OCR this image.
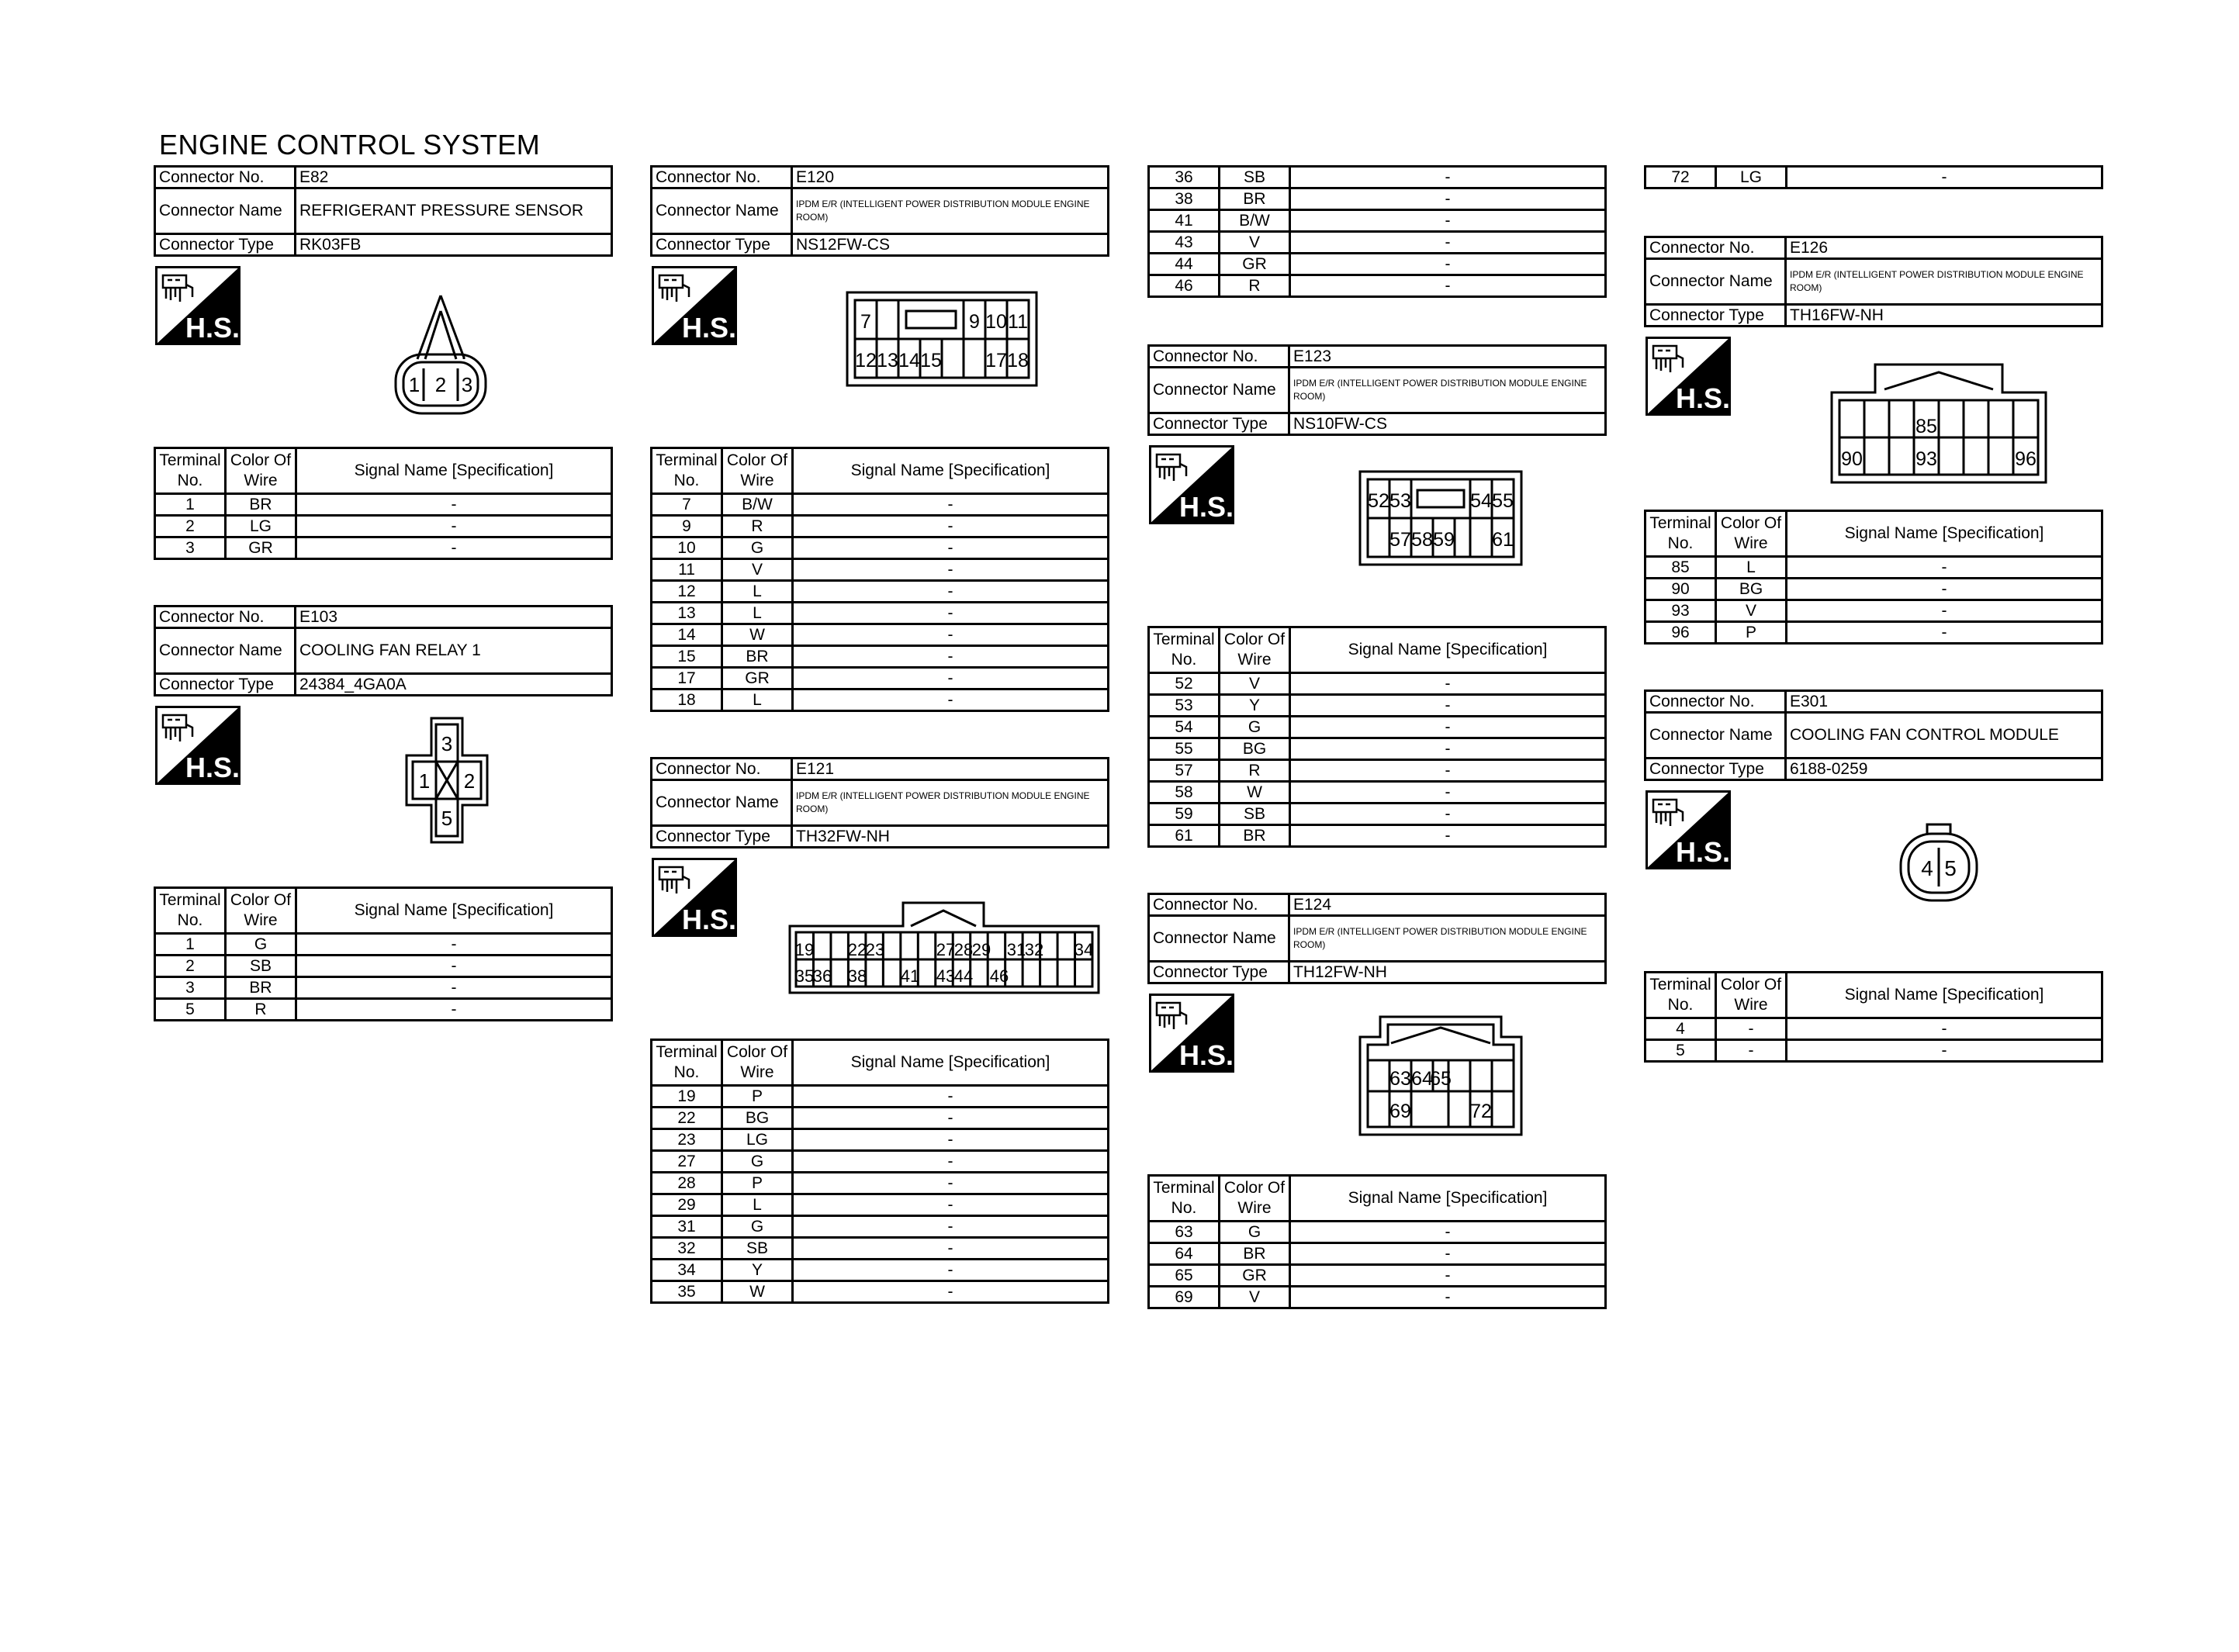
ENGINE CONTROL SYSTEM
Connector No.	E82
Connector Name	REFRIGERANT PRESSURE SENSOR
Connector Type	RK03FB
H.S.
1 2 3
Terminal No.	Color Of Wire	Signal Name [Specification]
1	BR	-
2	LG	-
3	GR	-
Connector No.	E103
Connector Name	COOLING FAN RELAY 1
Connector Type	24384_4GA0A
H.S.
3
1 2
5
Terminal No.	Color Of Wire	Signal Name [Specification]
1	G	-
2	SB	-
3	BR	-
5	R	-
Connector No.	E120
Connector Name	IPDM E/R (INTELLIGENT POWER DISTRIBUTION MODULE ENGINE ROOM)
Connector Type	NS12FW-CS
H.S.	7	9 10 11
12 13 14 15 17 18
Terminal No.	Color Of Wire	Signal Name [Specification]
7	B/W	-
9	R	-
10	G	-
11	V	-
12	L	-
13	L	-
14	W	-
15	BR	-
17	GR	-
18	L	-
Connector No.	E121
Connector Name	IPDM E/R (INTELLIGENT POWER DISTRIBUTION MODULE ENGINE ROOM)
Connector Type	TH32FW-NH
H.S.
19 22
23	27
28
29 31
32 34
35
36 38 41 43
44 46
Terminal No.	Color Of Wire	Signal Name [Specification]
19	P	-
22	BG	-
23	LG	-
27	G	-
28	P	-
29	L	-
31	G	-
32	SB	-
34	Y	-
35	W	-
36	SB	-
38	BR	-
41	B/W	-
43	V	-
44	GR	-
46	R	-
Connector No.	E123
Connector Name	IPDM E/R (INTELLIGENT POWER DISTRIBUTION MODULE ENGINE ROOM)
Connector Type	NS10FW-CS
H.S.	52 53	54 55
57 58 59 61
Terminal No.	Color Of Wire	Signal Name [Specification]
52	V	-
53	Y	-
54	G	-
55	BG	-
57	R	-
58	W	-
59	SB	-
61	BR	-
Connector No.	E124
Connector Name	IPDM E/R (INTELLIGENT POWER DISTRIBUTION MODULE ENGINE ROOM)
Connector Type	TH12FW-NH
H.S.
63 64
65
69	72
Terminal No.	Color Of Wire	Signal Name [Specification]
63	G	-
64	BR	-
65	GR	-
69	V	-
72	LG	-
Connector No.	E126
Connector Name	IPDM E/R (INTELLIGENT POWER DISTRIBUTION MODULE ENGINE ROOM)
Connector Type	TH16FW-NH
H.S.
85
90	93	96
Terminal No.	Color Of Wire	Signal Name [Specification]
85	L	-
90	BG	-
93	V	-
96	P	-
Connector No.	E301
Connector Name	COOLING FAN CONTROL MODULE
Connector Type	6188-0259
H.S.
4 5
Terminal No.	Color Of Wire	Signal Name [Specification]
4	-	-
5	-	-
